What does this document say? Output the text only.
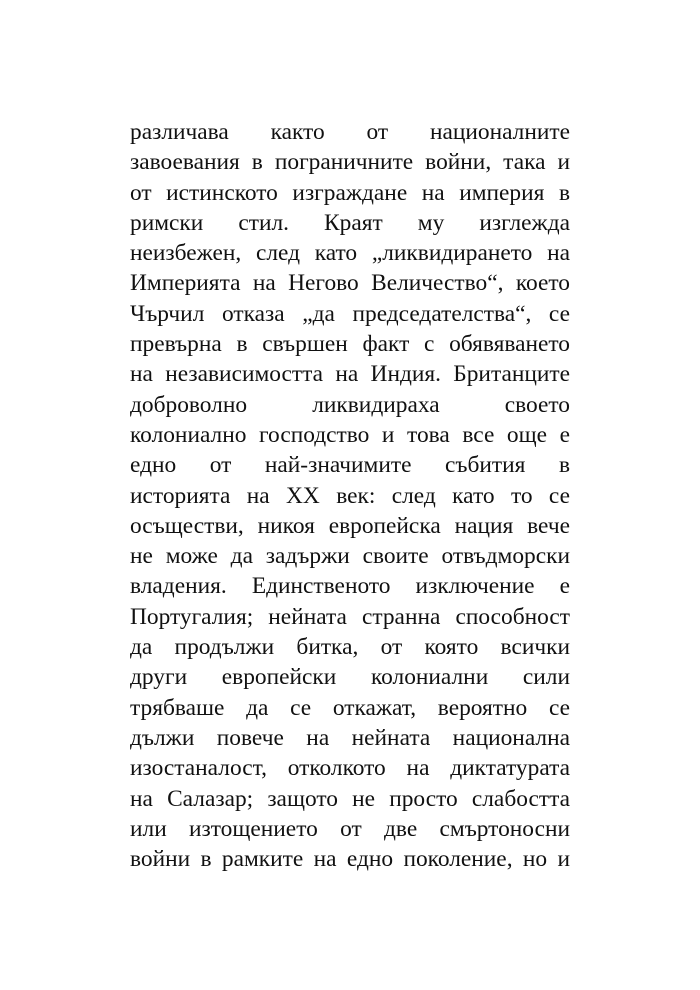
различава както от националните
завоевания в пограничните войни, така и
от истинското изграждане на империя в
римски стил. Краят му изглежда
неизбежен, след като „ликвидирането на
Империята на Негово Величество“, което
Чърчил отказа „да председателства“, се
превърна в свършен факт с обявяването
на независимостта на Индия. Британците
доброволно ликвидираха своето
колониално господство и това все още е
едно от най-значимите събития в
историята на XX век: след като то се
осъществи, никоя европейска нация вече
не може да задържи своите отвъдморски
владения. Единственото изключение е
Португалия; нейната странна способност
да продължи битка, от която всички
други европейски колониални сили
трябваше да се откажат, вероятно се
дължи повече на нейната национална
изостаналост, отколкото на диктатурата
на Салазар; защото не просто слабостта
или изтощението от две смъртоносни
войни в рамките на едно поколение, но и
